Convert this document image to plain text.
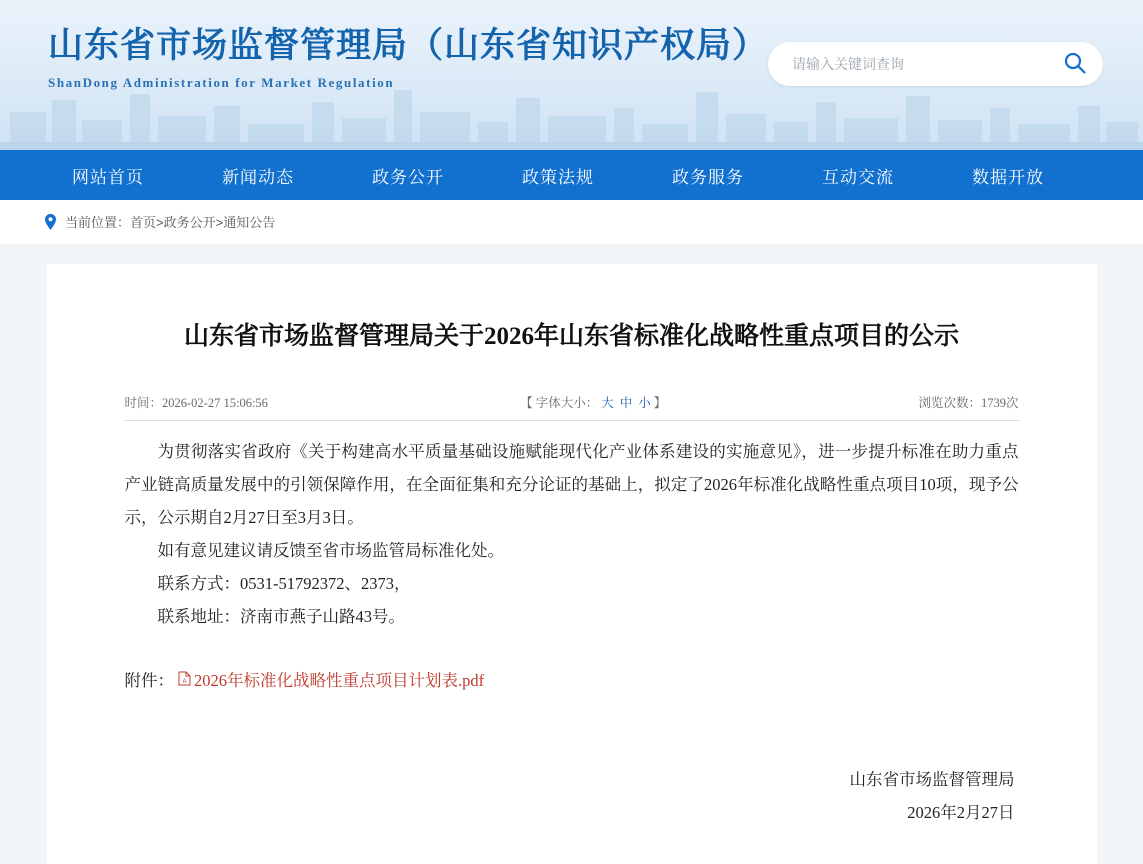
山东省市场监督管理局（山东省知识产权局）
ShanDong Administration for Market Regulation
请输入关键词查询
网站首页	新闻动态	政务公开	政策法规	政务服务	互动交流	数据开放
当前位置： 首页>政务公开>通知公告
山东省市场监督管理局关于2026年山东省标准化战略性重点项目的公示
时间：2026-02-27 15:06:56	【 字体大小： 大 中 小 】	浏览次数：1739次

为贯彻落实省政府《关于构建高水平质量基础设施赋能现代化产业体系建设的实施意见》，进一步提升标准在助力重点产业链高质量发展中的引领保障作用，在全面征集和充分论证的基础上，拟定了2026年标准化战略性重点项目10项，现予公示，公示期自2月27日至3月3日。

如有意见建议请反馈至省市场监管局标准化处。

联系方式：0531-51792372、2373，

联系地址：济南市燕子山路43号。

附件： A 2026年标准化战略性重点项目计划表.pdf
山东省市场监督管理局
2026年2月27日
